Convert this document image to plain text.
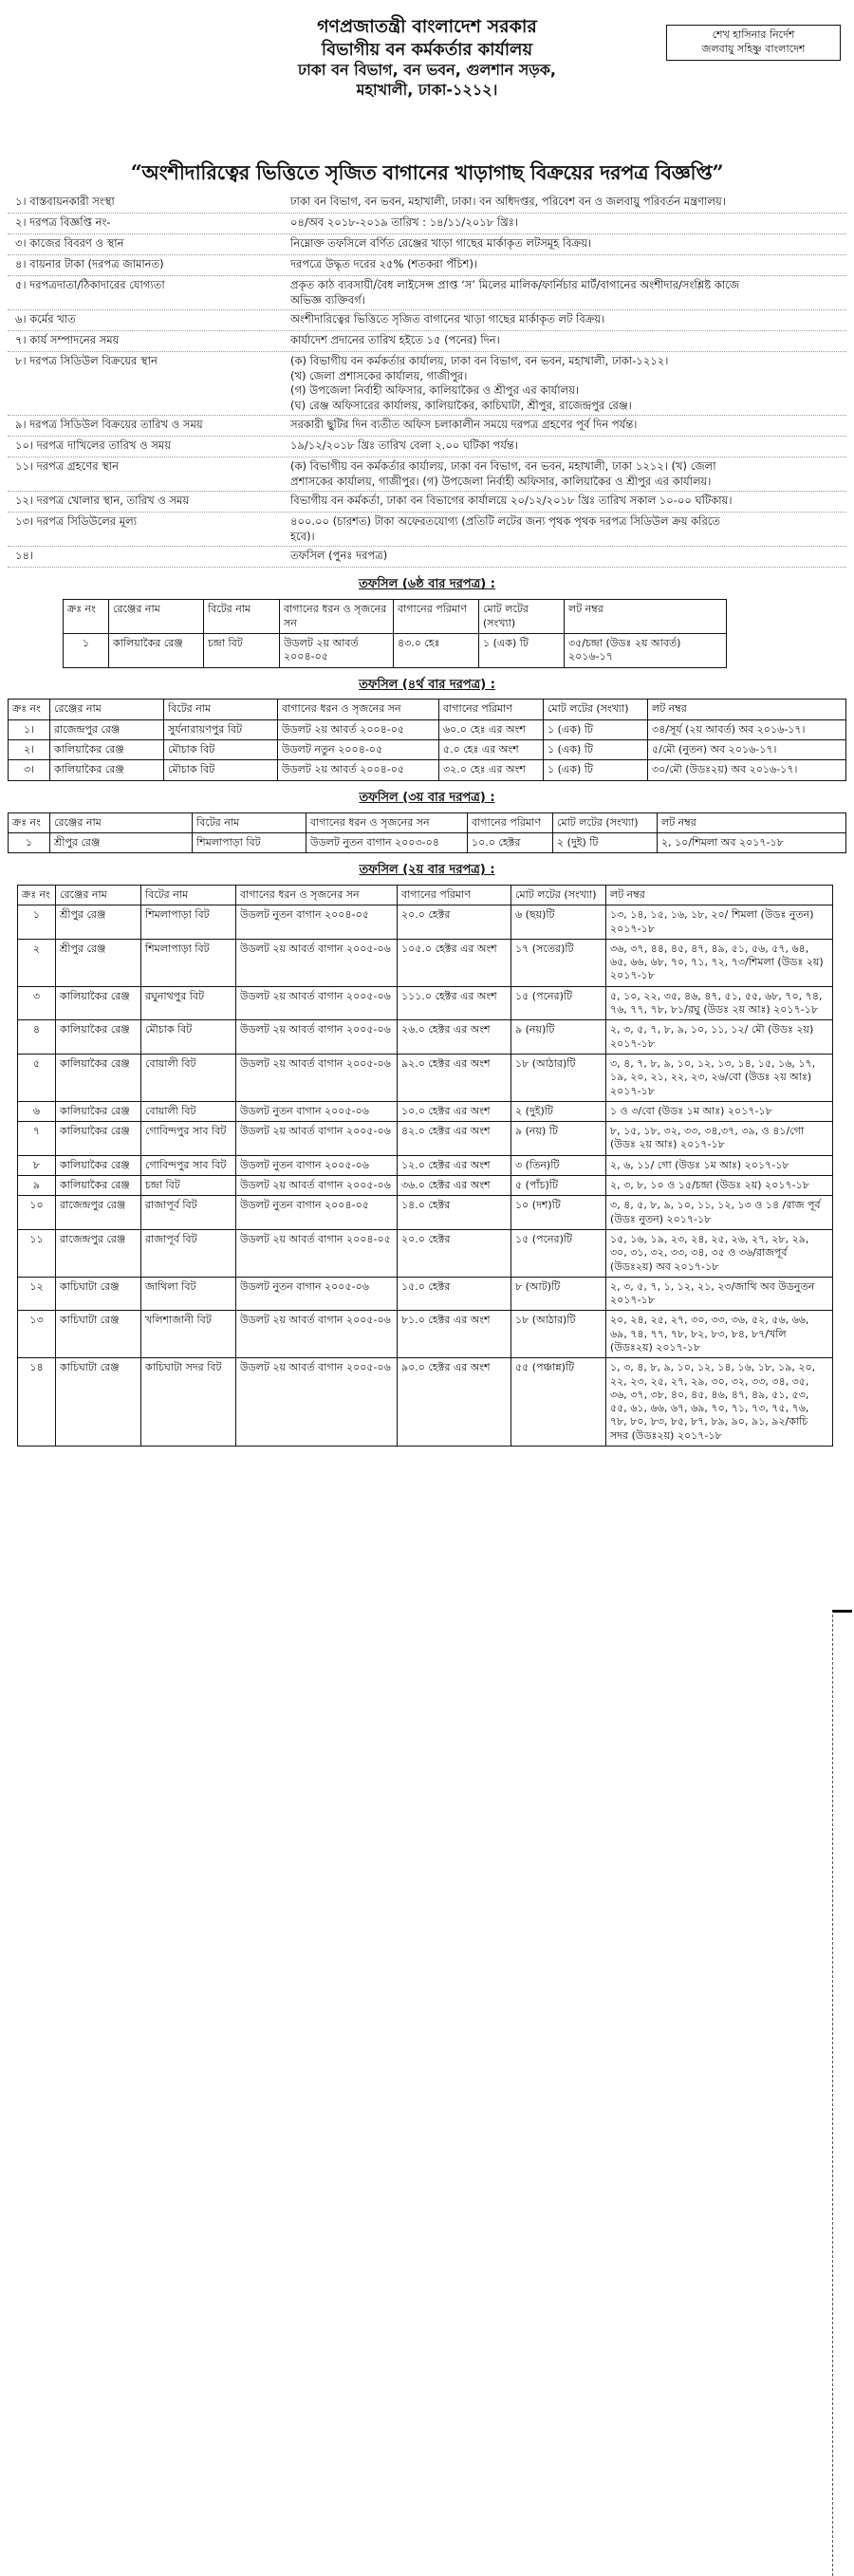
গণপ্রজাতন্ত্রী বাংলাদেশ সরকার
বিভাগীয় বন কর্মকর্তার কার্যালয়
ঢাকা বন বিভাগ, বন ভবন, গুলশান সড়ক,
মহাখালী, ঢাকা-১২১২।
শেখ হাসিনার নির্দেশ
জলবায়ু সহিষ্ণু বাংলাদেশ
“অংশীদারিত্বের ভিত্তিতে সৃজিত বাগানের খাড়াগাছ বিক্রয়ের দরপত্র বিজ্ঞপ্তি”
১। বাস্তবায়নকারী সংস্থা	ঢাকা বন বিভাগ, বন ভবন, মহাখালী, ঢাকা। বন অধিদপ্তর, পরিবেশ বন ও জলবায়ু পরিবর্তন মন্ত্রণালয়।
২। দরপত্র বিজ্ঞপ্তি নং-	০৪/অব ২০১৮-২০১৯ তারিখ : ১৪/১১/২০১৮ খ্রিঃ।
৩। কাজের বিবরণ ও স্থান	নিম্নোক্ত তফসিলে বর্ণিত রেঞ্জের খাড়া গাছের মার্কাকৃত লটসমূহ বিক্রয়।
৪। বায়নার টাকা (দরপত্র জামানত)	দরপত্রে উদ্ধৃত দরের ২৫% (শতকরা পঁচিশ)।
৫। দরপত্রদাতা/ঠিকাদারের যোগ্যতা	প্রকৃত কাঠ ব্যবসায়ী/বৈধ লাইসেন্স প্রাপ্ত ‘স’ মিলের মালিক/ফার্নিচার মার্ট/বাগানের অংশীদার/সংশ্লিষ্ট কাজে
অভিজ্ঞ ব্যক্তিবর্গ।
৬। কর্মের খাত	অংশীদারিত্বের ভিত্তিতে সৃজিত বাগানের খাড়া গাছের মার্কাকৃত লট বিক্রয়।
৭। কার্য সম্পাদনের সময়	কার্যাদেশ প্রদানের তারিখ হইতে ১৫ (পনের) দিন।
৮। দরপত্র সিডিউল বিক্রয়ের স্থান	(ক) বিভাগীয় বন কর্মকর্তার কার্যালয়, ঢাকা বন বিভাগ, বন ভবন, মহাখালী, ঢাকা-১২১২।
(খ) জেলা প্রশাসকের কার্যালয়, গাজীপুর।
(গ) উপজেলা নির্বাহী অফিসার, কালিয়াকৈর ও শ্রীপুর এর কার্যালয়।
(ঘ) রেঞ্জ অফিসারের কার্যালয়, কালিয়াকৈর, কাচিঘাটা, শ্রীপুর, রাজেন্দ্রপুর রেঞ্জ।
৯। দরপত্র সিডিউল বিক্রয়ের তারিখ ও সময়	সরকারী ছুটির দিন ব্যতীত অফিস চলাকালীন সময়ে দরপত্র গ্রহণের পূর্ব দিন পর্যন্ত।
১০। দরপত্র দাখিলের তারিখ ও সময়	১৯/১২/২০১৮ খ্রিঃ তারিখ বেলা ২.০০ ঘটিকা পর্যন্ত।
১১। দরপত্র গ্রহণের স্থান	(ক) বিভাগীয় বন কর্মকর্তার কার্যালয়, ঢাকা বন বিভাগ, বন ভবন, মহাখালী, ঢাকা ১২১২। (খ) জেলা
প্রশাসকের কার্যালয়, গাজীপুর। (গ) উপজেলা নির্বাহী অফিসার, কালিয়াকৈর ও শ্রীপুর এর কার্যালয়।
১২। দরপত্র খোলার স্থান, তারিখ ও সময়	বিভাগীয় বন কর্মকর্তা, ঢাকা বন বিভাগের কার্যালয়ে ২০/১২/২০১৮ খ্রিঃ তারিখ সকাল ১০-০০ ঘটিকায়।
১৩। দরপত্র সিডিউলের মূল্য	৪০০.০০ (চারশত) টাকা অফেরতযোগ্য (প্রতিটি লটের জন্য পৃথক পৃথক দরপত্র সিডিউল ক্রয় করিতে
হবে)।
১৪।	তফসিল (পুনঃ দরপত্র)
তফসিল (৬ষ্ঠ বার দরপত্র) :
ক্রঃ নং	রেঞ্জের নাম	বিটের নাম	বাগানের ধরন ও সৃজনের সন	বাগানের পরিমাণ	মোট লটের (সংখ্যা)	লট নম্বর
১	কালিয়াকৈর রেঞ্জ	চন্দ্রা বিট	উডলট ২য় আবর্ত ২০০৪-০৫	৪৩.০ হেঃ	১ (এক) টি	৩৫/চন্দ্রা (উডঃ ২য় আবর্ত) ২০১৬-১৭
তফসিল (৪র্থ বার দরপত্র) :
ক্রঃ নং	রেঞ্জের নাম	বিটের নাম	বাগানের ধরন ও সৃজনের সন	বাগানের পরিমাণ	মোট লটের (সংখ্যা)	লট নম্বর
১।	রাজেন্দ্রপুর রেঞ্জ	সুর্যনারায়ণপুর বিট	উডলট ২য় আবর্ত ২০০৪-০৫	৬০.০ হেঃ এর অংশ	১ (এক) টি	৩৪/সূর্য (২য় আবর্ত) অব ২০১৬-১৭।
২।	কালিয়াকৈর রেঞ্জ	মৌচাক বিট	উডলট নতুন ২০০৪-০৫	৫.০ হেঃ এর অংশ	১ (এক) টি	৫/মৌ (নুতন) অব ২০১৬-১৭।
৩।	কালিয়াকৈর রেঞ্জ	মৌচাক বিট	উডলট ২য় আবর্ত ২০০৪-০৫	৩২.০ হেঃ এর অংশ	১ (এক) টি	৩০/মৌ (উডঃ২য়) অব ২০১৬-১৭।
তফসিল (৩য় বার দরপত্র) :
ক্রঃ নং	রেঞ্জের নাম	বিটের নাম	বাগানের ধরন ও সৃজনের সন	বাগানের পরিমাণ	মোট লটের (সংখ্যা)	লট নম্বর
১	শ্রীপুর রেঞ্জ	শিমলাপাড়া বিট	উডলট নুতন বাগান ২০০৩-০৪	১০.০ হেক্টর	২ (দুই) টি	২, ১০/শিমলা অব ২০১৭-১৮
তফসিল (২য় বার দরপত্র) :
ক্রঃ নং	রেঞ্জের নাম	বিটের নাম	বাগানের ধরন ও সৃজনের সন	বাগানের পরিমাণ	মোট লটের (সংখ্যা)	লট নম্বর
১	শ্রীপুর রেঞ্জ	শিমলাপাড়া বিট	উডলট নুতন বাগান ২০০৪-০৫	২০.০ হেক্টর	৬ (ছয়)টি	১৩, ১৪, ১৫, ১৬, ১৮, ২০/ শিমলা (উডঃ নুতন) ২০১৭-১৮
২	শ্রীপুর রেঞ্জ	শিমলাপাড়া বিট	উডলট ২য় আবর্ত বাগান ২০০৫-০৬	১০৫.০ হেক্টর এর অংশ	১৭ (সতের)টি	৩৬, ৩৭, ৪৪, ৪৫, ৪৭, ৪৯, ৫১, ৫৬, ৫৭, ৬৪, ৬৫, ৬৬, ৬৮, ৭০, ৭১, ৭২, ৭৩/শিমলা (উডঃ ২য়) ২০১৭-১৮
৩	কালিয়াকৈর রেঞ্জ	রঘুনাথপুর বিট	উডলট ২য় আবর্ত বাগান ২০০৫-০৬	১১১.০ হেক্টর এর অংশ	১৫ (পনের)টি	৫, ১০, ২২, ৩৫, ৪৬, ৪৭, ৫১, ৫৫, ৬৮, ৭০, ৭৪, ৭৬, ৭৭, ৭৮, ৮১/রঘু (উডঃ ২য় আঃ) ২০১৭-১৮
৪	কালিয়াকৈর রেঞ্জ	মৌচাক বিট	উডলট ২য় আবর্ত বাগান ২০০৫-০৬	২৬.০ হেক্টর এর অংশ	৯ (নয়)টি	২, ৩, ৫, ৭, ৮, ৯, ১০, ১১, ১২/ মৌ (উডঃ ২য়) ২০১৭-১৮
৫	কালিয়াকৈর রেঞ্জ	বোয়ালী বিট	উডলট ২য় আবর্ত বাগান ২০০৫-০৬	৯২.০ হেক্টর এর অংশ	১৮ (আঠার)টি	৩, ৪, ৭, ৮, ৯, ১০, ১২, ১৩, ১৪, ১৫, ১৬, ১৭, ১৯, ২০, ২১, ২২, ২৩, ২৬/বো (উডঃ ২য় আঃ) ২০১৭-১৮
৬	কালিয়াকৈর রেঞ্জ	বোয়ালী বিট	উডলট নুতন বাগান ২০০৫-০৬	১০.০ হেক্টর এর অংশ	২ (দুই)টি	১ ও ৩/বো (উডঃ ১ম আঃ) ২০১৭-১৮
৭	কালিয়াকৈর রেঞ্জ	গোবিন্দপুর সাব বিট	উডলট ২য় আবর্ত বাগান ২০০৫-০৬	৪২.০ হেক্টর এর অংশ	৯ (নয়) টি	৮, ১৫, ১৮, ৩২, ৩৩, ৩৪,৩৭, ৩৯, ও ৪১/গো (উডঃ ২য় আঃ) ২০১৭-১৮
৮	কালিয়াকৈর রেঞ্জ	গোবিন্দপুর সাব বিট	উডলট নুতন বাগান ২০০৫-০৬	১২.০ হেক্টর এর অংশ	৩ (তিন)টি	২, ৬, ১১/ গো (উডঃ ১ম আঃ) ২০১৭-১৮
৯	কালিয়াকৈর রেঞ্জ	চন্দ্রা বিট	উডলট ২য় আবর্ত বাগান ২০০৫-০৬	৩৬.০ হেক্টর এর অংশ	৫ (পাঁচ)টি	২, ৩, ৮, ১০ ও ১৫/চন্দ্রা (উডঃ ২য়) ২০১৭-১৮
১০	রাজেন্দ্রপুর রেঞ্জ	রাজাপূর্ব বিট	উডলট নুতন বাগান ২০০৪-০৫	১৪.০ হেক্টর	১০ (দশ)টি	৩, ৪, ৫, ৮, ৯, ১০, ১১, ১২, ১৩ ও ১৪ /রাজ পূর্ব (উডঃ নুতন) ২০১৭-১৮
১১	রাজেন্দ্রপুর রেঞ্জ	রাজাপূর্ব বিট	উডলট ২য় আবর্ত বাগান ২০০৪-০৫	২০.০ হেক্টর	১৫ (পনের)টি	১৫, ১৬, ১৯, ২৩, ২৪, ২৫, ২৬, ২৭, ২৮, ২৯, ৩০, ৩১, ৩২, ৩৩, ৩৪, ৩৫ ও ৩৬/রাজপূর্ব (উডঃ২য়) অব ২০১৭-১৮
১২	কাচিঘাটা রেঞ্জ	জাথিলা বিট	উডলট নুতন বাগান ২০০৫-০৬	১৫.০ হেক্টর	৮ (আট)টি	২, ৩, ৫, ৭, ১, ১২, ২১, ২৩/জাথি অব উডনুতন ২০১৭-১৮
১৩	কাচিঘাটা রেঞ্জ	খলিশাজানী বিট	উডলট ২য় আবর্ত বাগান ২০০৫-০৬	৮১.০ হেক্টর এর অংশ	১৮ (আঠার)টি	২০, ২৪, ২৫, ২৭, ৩০, ৩৩, ৩৬, ৫২, ৫৬, ৬৬, ৬৯, ৭৪, ৭৭, ৭৮, ৮২, ৮৩, ৮৪, ৮৭/খলি (উডঃ২য়) ২০১৭-১৮
১৪	কাচিঘাটা রেঞ্জ	কাচিঘাটা সদর বিট	উডলট ২য় আবর্ত বাগান ২০০৫-০৬	৯০.০ হেক্টর এর অংশ	৫৫ (পঞ্চান্ন)টি	১, ৩, ৪, ৮, ৯, ১০, ১২, ১৪, ১৬, ১৮, ১৯, ২০, ২২, ২৩, ২৫, ২৭, ২৯, ৩০, ৩২, ৩৩, ৩৪, ৩৫, ৩৬, ৩৭, ৩৮, ৪০, ৪৫, ৪৬, ৪৭, ৪৯, ৫১, ৫৩, ৫৫, ৬১, ৬৬, ৬৭, ৬৯, ৭০, ৭১, ৭৩, ৭৫, ৭৬, ৭৮, ৮০, ৮৩, ৮৫, ৮৭, ৮৯, ৯০, ৯১, ৯২/কাচি সদর (উডঃ২য়) ২০১৭-১৮
